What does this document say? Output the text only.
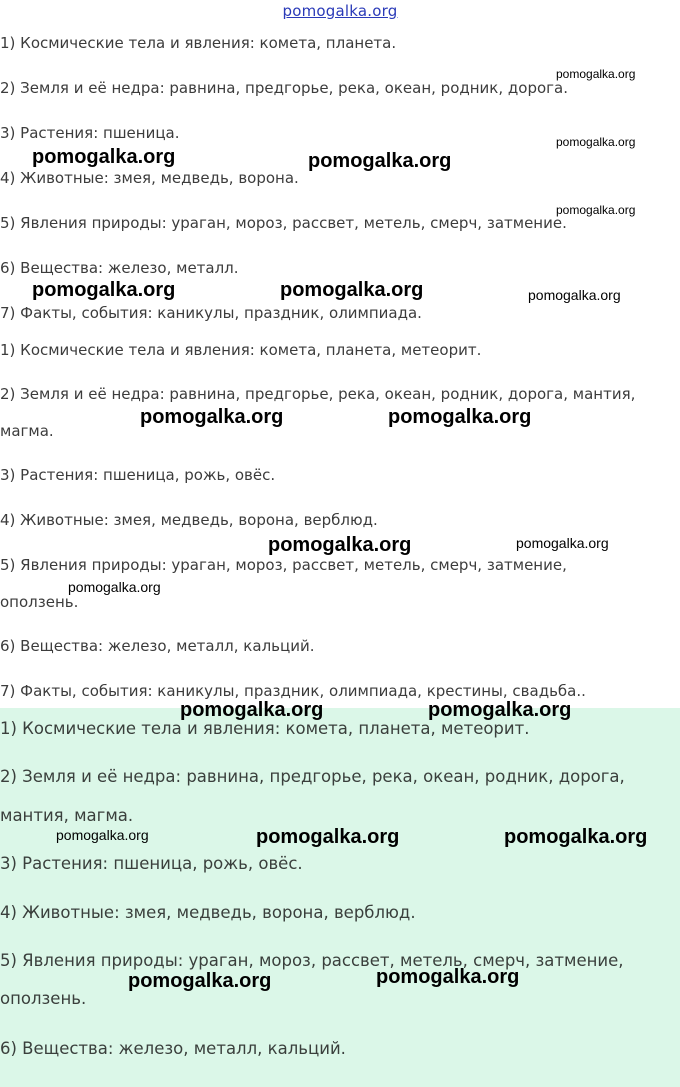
pomogalka.org
1) Космические тела и явления: комета, планета.
2) Земля и её недра: равнина, предгорье, река, океан, родник, дорога.
3) Растения: пшеница.
4) Животные: змея, медведь, ворона.
5) Явления природы: ураган, мороз, рассвет, метель, смерч, затмение.
6) Вещества: железо, металл.
7) Факты, события: каникулы, праздник, олимпиада.
1) Космические тела и явления: комета, планета, метеорит.
2) Земля и её недра: равнина, предгорье, река, океан, родник, дорога, мантия,
магма.
3) Растения: пшеница, рожь, овёс.
4) Животные: змея, медведь, ворона, верблюд.
5) Явления природы: ураган, мороз, рассвет, метель, смерч, затмение,
оползень.
6) Вещества: железо, металл, кальций.
7) Факты, события: каникулы, праздник, олимпиада, крестины, свадьба..
1) Космические тела и явления: комета, планета, метеорит.
2) Земля и её недра: равнина, предгорье, река, океан, родник, дорога,
мантия, магма.
3) Растения: пшеница, рожь, овёс.
4) Животные: змея, медведь, ворона, верблюд.
5) Явления природы: ураган, мороз, рассвет, метель, смерч, затмение,
оползень.
6) Вещества: железо, металл, кальций.
pomogalka.org
pomogalka.org
pomogalka.org	pomogalka.org
pomogalka.org
pomogalka.org	pomogalka.org	pomogalka.org
pomogalka.org	pomogalka.org
pomogalka.org	pomogalka.org
pomogalka.org
pomogalka.org	pomogalka.org
pomogalka.org	pomogalka.org	pomogalka.org
pomogalka.org	pomogalka.org
